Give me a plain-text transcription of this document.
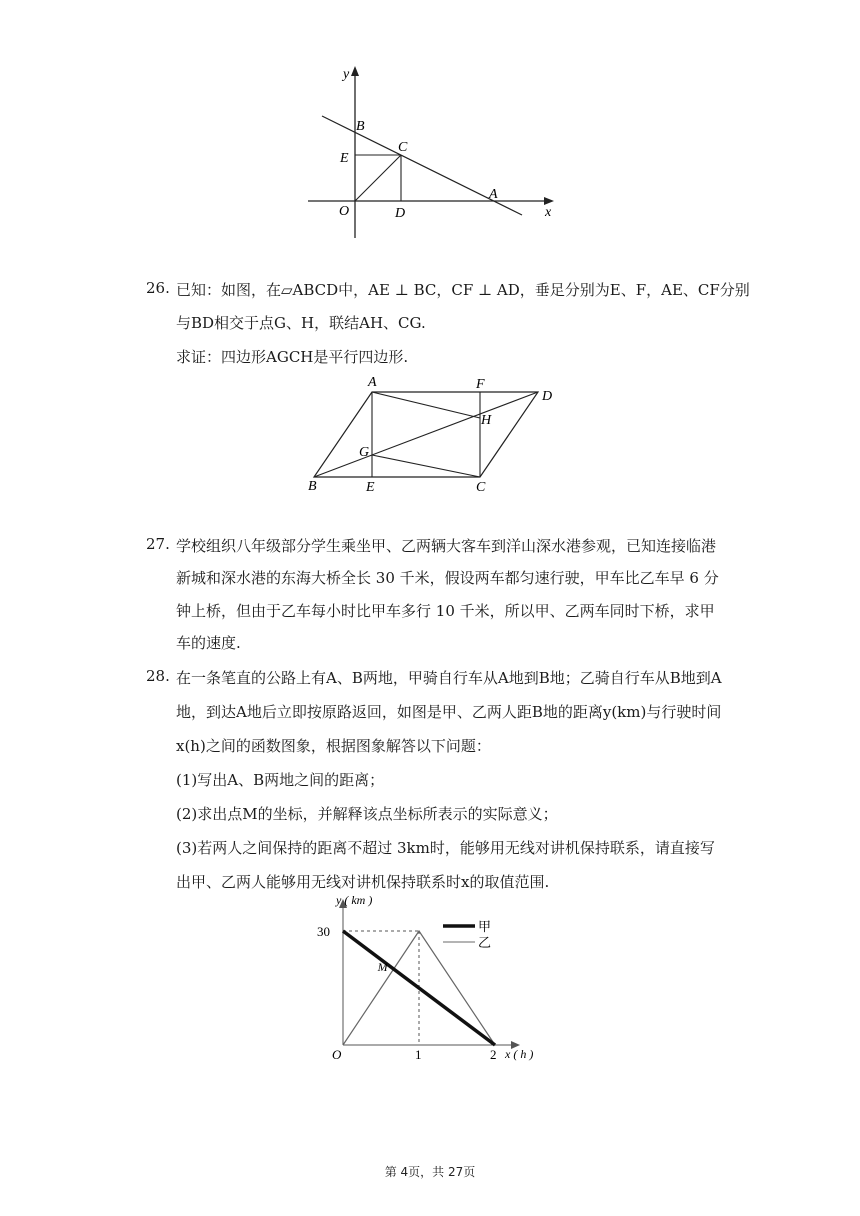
y
x
B
C
E
A
O	D
26. 已知：如图，在▱ABCD中，AE ⊥ BC，CF ⊥ AD，垂足分别为E、F，AE、CF分别
与BD相交于点G、H，联结AH、CG.
求证：四边形AGCH是平行四边形.
A	F
D
H
G
B	E	C
27. 学校组织八年级部分学生乘坐甲、乙两辆大客车到洋山深水港参观，已知连接临港
新城和深水港的东海大桥全长 30 千米，假设两车都匀速行驶，甲车比乙车早 6 分
钟上桥，但由于乙车每小时比甲车多行 10 千米，所以甲、乙两车同时下桥，求甲
车的速度.
28. 在一条笔直的公路上有A、B两地，甲骑自行车从A地到B地；乙骑自行车从B地到A
地，到达A地后立即按原路返回，如图是甲、乙两人距B地的距离y(km)与行驶时间
x(h)之间的函数图象，根据图象解答以下问题：
(1)写出A、B两地之间的距离；
(2)求出点M的坐标，并解释该点坐标所表示的实际意义；
(3)若两人之间保持的距离不超过 3km时，能够用无线对讲机保持联系，请直接写
出甲、乙两人能够用无线对讲机保持联系时x的取值范围.
y ( km )
x ( h )
O
甲
乙
1	2
30
M
第 4页，共 27页
